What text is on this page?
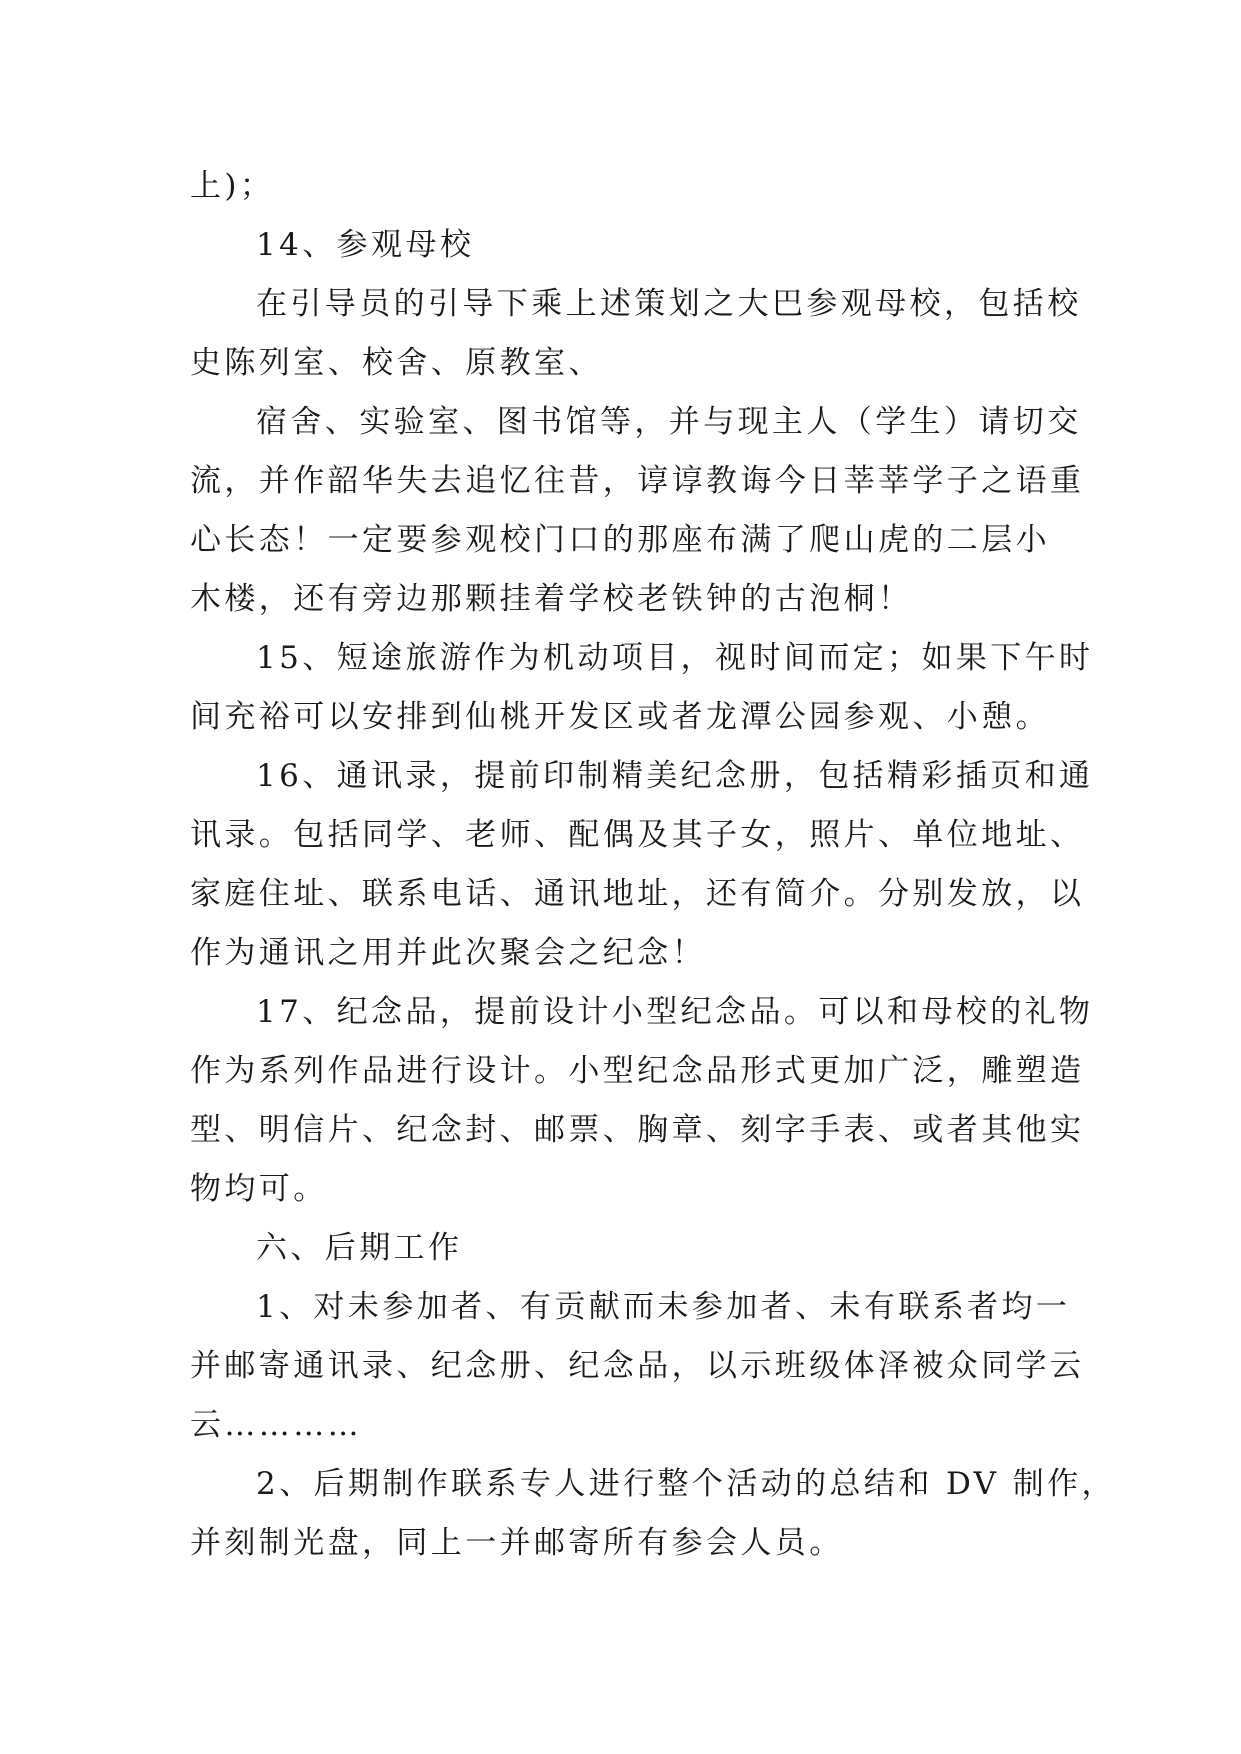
上)；
14、参观母校
在引导员的引导下乘上述策划之大巴参观母校，包括校
史陈列室、校舍、原教室、
宿舍、实验室、图书馆等，并与现主人（学生）请切交
流，并作韶华失去追忆往昔，谆谆教诲今日莘莘学子之语重
心长态！一定要参观校门口的那座布满了爬山虎的二层小
木楼，还有旁边那颗挂着学校老铁钟的古泡桐！
15、短途旅游作为机动项目，视时间而定；如果下午时
间充裕可以安排到仙桃开发区或者龙潭公园参观、小憩。
16、通讯录，提前印制精美纪念册，包括精彩插页和通
讯录。包括同学、老师、配偶及其子女，照片、单位地址、
家庭住址、联系电话、通讯地址，还有简介。分别发放，以
作为通讯之用并此次聚会之纪念！
17、纪念品，提前设计小型纪念品。可以和母校的礼物
作为系列作品进行设计。小型纪念品形式更加广泛，雕塑造
型、明信片、纪念封、邮票、胸章、刻字手表、或者其他实
物均可。
六、后期工作
1、对未参加者、有贡献而未参加者、未有联系者均一
并邮寄通讯录、纪念册、纪念品，以示班级体泽被众同学云
云…………
2、后期制作联系专人进行整个活动的总结和 DV 制作，
并刻制光盘，同上一并邮寄所有参会人员。
